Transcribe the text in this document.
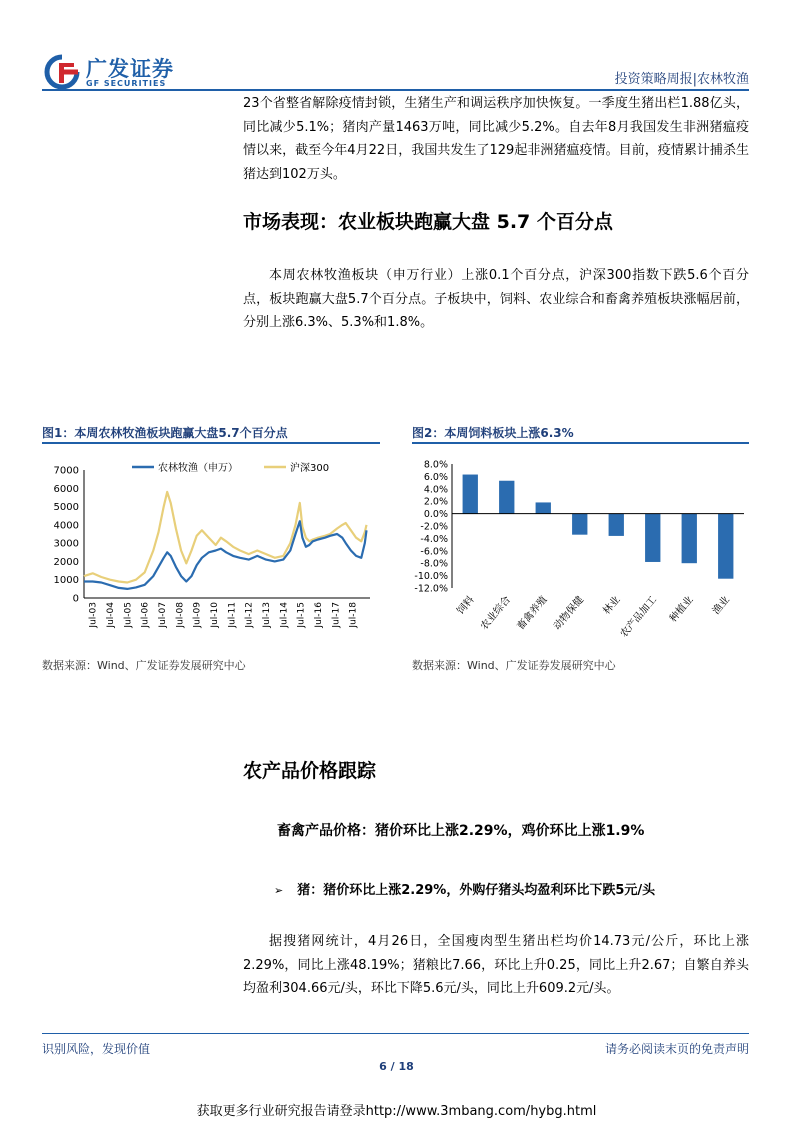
广发证券
GF SECURITIES	投资策略周报|农林牧渔
23个省整省解除疫情封锁，生猪生产和调运秩序加快恢复。一季度生猪出栏1.88亿头，同比减少5.1%；猪肉产量1463万吨，同比减少5.2%。自去年8月我国发生非洲猪瘟疫情以来，截至今年4月22日，我国共发生了129起非洲猪瘟疫情。目前，疫情累计捕杀生猪达到102万头。
市场表现：农业板块跑赢大盘 5.7 个百分点
本周农林牧渔板块（申万行业）上涨0.1个百分点，沪深300指数下跌5.6个百分点，板块跑赢大盘5.7个百分点。子板块中，饲料、农业综合和畜禽养殖板块涨幅居前，分别上涨6.3%、5.3%和1.8%。
图1：本周农林牧渔板块跑赢大盘5.7个百分点	图2：本周饲料板块上涨6.3%
0
1000
2000
3000
4000
5000
6000
7000
Jul-03 Jul-04 Jul-05 Jul-06 Jul-07 Jul-08 Jul-09 Jul-10 Jul-11 Jul-12 Jul-13 Jul-14 Jul-15 Jul-16 Jul-17 Jul-18
农林牧渔（申万）	沪深300	8.0%
6.0%
4.0%
2.0%
0.0%
-2.0%
-4.0%
-6.0%
-8.0%
-10.0%
-12.0%
饲料 农业综合 畜禽养殖 动物保健 林业
农产品加工 种植业 渔业
数据来源：Wind、广发证券发展研究中心	数据来源：Wind、广发证券发展研究中心
农产品价格跟踪
畜禽产品价格：猪价环比上涨2.29%，鸡价环比上涨1.9%
➢ 猪：猪价环比上涨2.29%，外购仔猪头均盈利环比下跌5元/头
据搜猪网统计，4月26日，全国瘦肉型生猪出栏均价14.73元/公斤，环比上涨2.29%，同比上涨48.19%；猪粮比7.66，环比上升0.25，同比上升2.67；自繁自养头均盈利304.66元/头，环比下降5.6元/头，同比上升609.2元/头。
识别风险，发现价值	请务必阅读末页的免责声明
6 / 18
获取更多行业研究报告请登录http://www.3mbang.com/hybg.html
